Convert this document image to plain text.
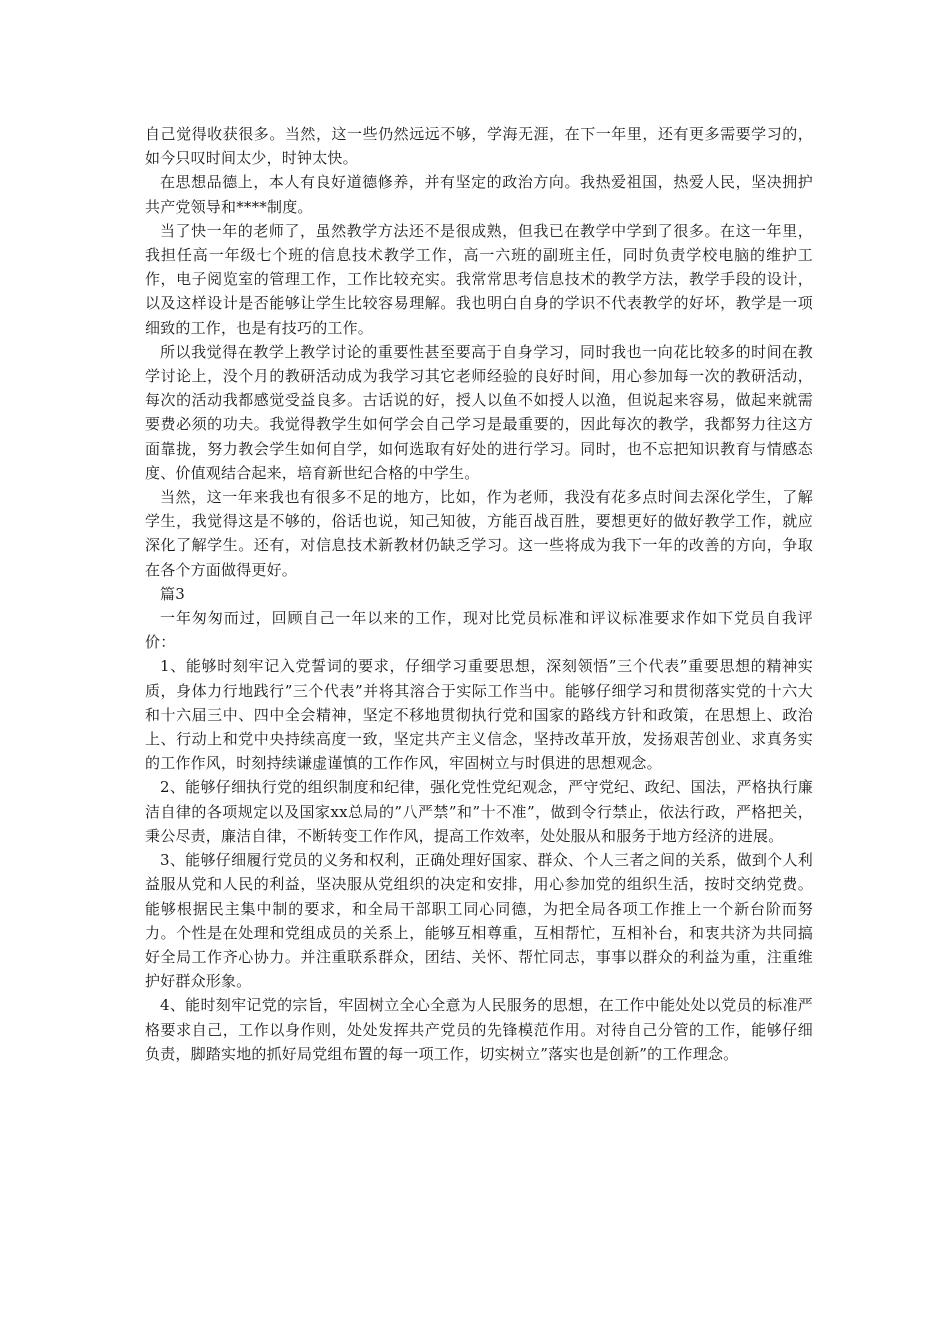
自己觉得收获很多。当然，这一些仍然远远不够，学海无涯，在下一年里，还有更多需要学习的，如今只叹时间太少，时钟太快。

在思想品德上，本人有良好道德修养，并有坚定的政治方向。我热爱祖国，热爱人民，坚决拥护共产党领导和****制度。

当了快一年的老师了，虽然教学方法还不是很成熟，但我已在教学中学到了很多。在这一年里，我担任高一年级七个班的信息技术教学工作，高一六班的副班主任，同时负责学校电脑的维护工作，电子阅览室的管理工作，工作比较充实。我常常思考信息技术的教学方法，教学手段的设计，以及这样设计是否能够让学生比较容易理解。我也明白自身的学识不代表教学的好坏，教学是一项细致的工作，也是有技巧的工作。

所以我觉得在教学上教学讨论的重要性甚至要高于自身学习，同时我也一向花比较多的时间在教学讨论上，没个月的教研活动成为我学习其它老师经验的良好时间，用心参加每一次的教研活动，每次的活动我都感觉受益良多。古话说的好，授人以鱼不如授人以渔，但说起来容易，做起来就需要费必须的功夫。我觉得教学生如何学会自己学习是最重要的，因此每次的教学，我都努力往这方面靠拢，努力教会学生如何自学，如何选取有好处的进行学习。同时，也不忘把知识教育与情感态度、价值观结合起来，培育新世纪合格的中学生。

当然，这一年来我也有很多不足的地方，比如，作为老师，我没有花多点时间去深化学生，了解学生，我觉得这是不够的，俗话也说，知己知彼，方能百战百胜，要想更好的做好教学工作，就应深化了解学生。还有，对信息技术新教材仍缺乏学习。这一些将成为我下一年的改善的方向，争取在各个方面做得更好。

篇3

一年匆匆而过，回顾自己一年以来的工作，现对比党员标准和评议标准要求作如下党员自我评价：

1、能够时刻牢记入党誓词的要求，仔细学习重要思想，深刻领悟”三个代表”重要思想的精神实质，身体力行地践行”三个代表”并将其溶合于实际工作当中。能够仔细学习和贯彻落实党的十六大和十六届三中、四中全会精神，坚定不移地贯彻执行党和国家的路线方针和政策，在思想上、政治上、行动上和党中央持续高度一致，坚定共产主义信念，坚持改革开放，发扬艰苦创业、求真务实的工作作风，时刻持续谦虚谨慎的工作作风，牢固树立与时俱进的思想观念。

2、能够仔细执行党的组织制度和纪律，强化党性党纪观念，严守党纪、政纪、国法，严格执行廉洁自律的各项规定以及国家xx总局的”八严禁”和”十不准”，做到令行禁止，依法行政，严格把关，秉公尽责，廉洁自律，不断转变工作作风，提高工作效率，处处服从和服务于地方经济的进展。

3、能够仔细履行党员的义务和权利，正确处理好国家、群众、个人三者之间的关系，做到个人利益服从党和人民的利益，坚决服从党组织的决定和安排，用心参加党的组织生活，按时交纳党费。能够根据民主集中制的要求，和全局干部职工同心同德，为把全局各项工作推上一个新台阶而努力。个性是在处理和党组成员的关系上，能够互相尊重，互相帮忙，互相补台，和衷共济为共同搞好全局工作齐心协力。并注重联系群众，团结、关怀、帮忙同志，事事以群众的利益为重，注重维护好群众形象。

4、能时刻牢记党的宗旨，牢固树立全心全意为人民服务的思想，在工作中能处处以党员的标准严格要求自己，工作以身作则，处处发挥共产党员的先锋模范作用。对待自己分管的工作，能够仔细负责，脚踏实地的抓好局党组布置的每一项工作，切实树立”落实也是创新”的工作理念。
